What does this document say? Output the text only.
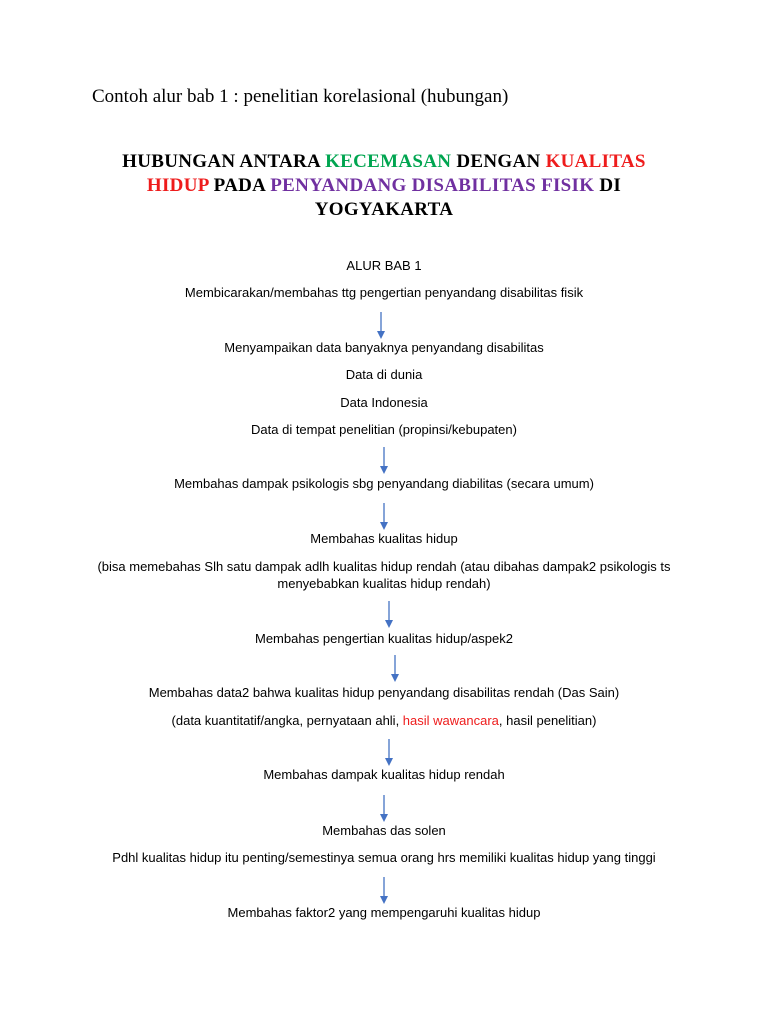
Contoh alur bab 1 : penelitian korelasional (hubungan)
HUBUNGAN ANTARA KECEMASAN DENGAN KUALITAS HIDUP PADA PENYANDANG DISABILITAS FISIK DI YOGYAKARTA
ALUR BAB 1
Membicarakan/membahas ttg pengertian penyandang disabilitas fisik
Menyampaikan data banyaknya penyandang disabilitas
Data di dunia
Data Indonesia
Data di tempat penelitian (propinsi/kebupaten)
Membahas dampak psikologis sbg penyandang diabilitas (secara umum)
Membahas kualitas hidup
(bisa memebahas Slh satu dampak adlh kualitas hidup rendah (atau dibahas dampak2 psikologis ts
menyebabkan kualitas hidup rendah)
Membahas pengertian kualitas hidup/aspek2
Membahas data2 bahwa kualitas hidup penyandang disabilitas rendah (Das Sain)
(data kuantitatif/angka, pernyataan ahli, hasil wawancara, hasil penelitian)
Membahas dampak kualitas hidup rendah
Membahas das solen
Pdhl kualitas hidup itu penting/semestinya semua orang hrs memiliki kualitas hidup yang tinggi
Membahas faktor2 yang mempengaruhi kualitas hidup
